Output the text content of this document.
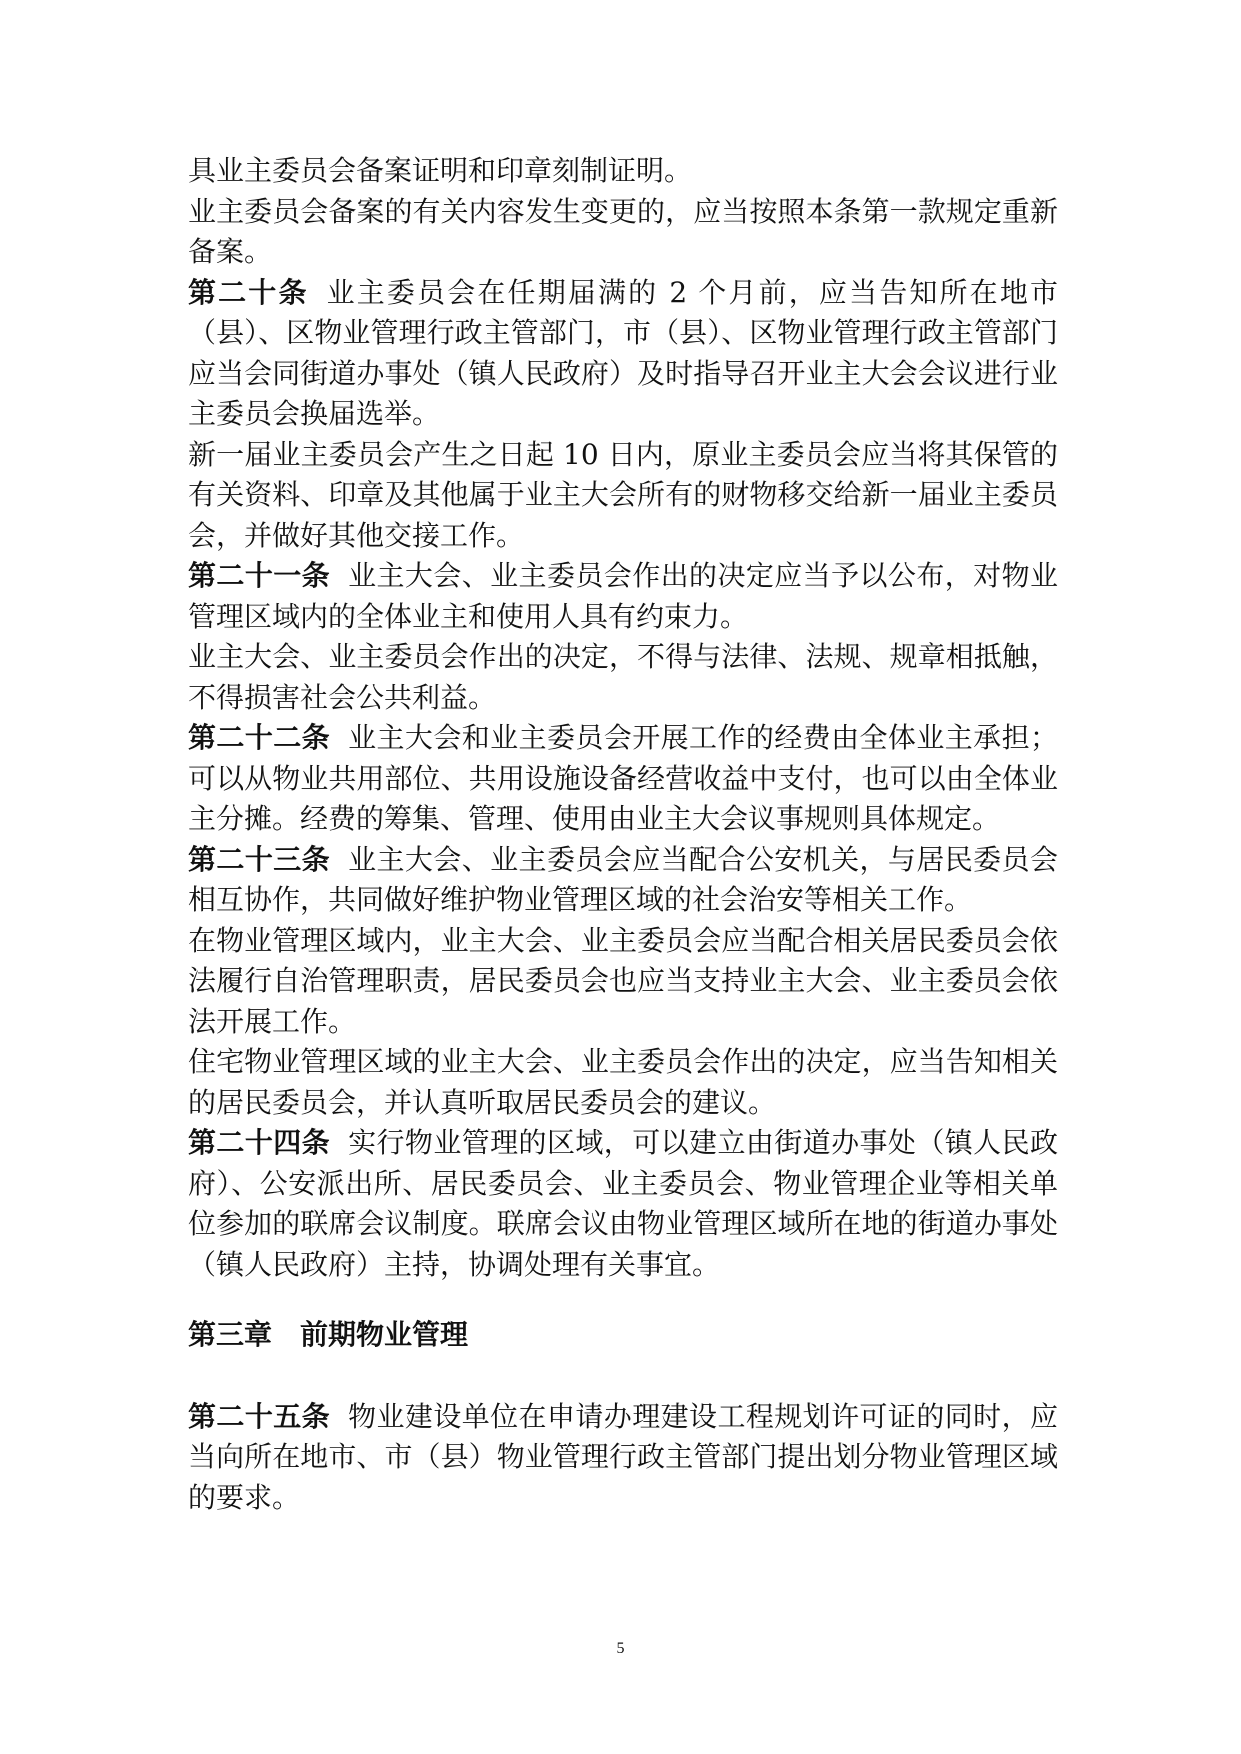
具业主委员会备案证明和印章刻制证明。

业主委员会备案的有关内容发生变更的，应当按照本条第一款规定重新备案。

第二十条 业主委员会在任期届满的 2 个月前，应当告知所在地市（县）、区物业管理行政主管部门，市（县）、区物业管理行政主管部门应当会同街道办事处（镇人民政府）及时指导召开业主大会会议进行业主委员会换届选举。

新一届业主委员会产生之日起 10 日内，原业主委员会应当将其保管的有关资料、印章及其他属于业主大会所有的财物移交给新一届业主委员会，并做好其他交接工作。

第二十一条 业主大会、业主委员会作出的决定应当予以公布，对物业管理区域内的全体业主和使用人具有约束力。

业主大会、业主委员会作出的决定，不得与法律、法规、规章相抵触，不得损害社会公共利益。

第二十二条 业主大会和业主委员会开展工作的经费由全体业主承担；可以从物业共用部位、共用设施设备经营收益中支付，也可以由全体业主分摊。经费的筹集、管理、使用由业主大会议事规则具体规定。

第二十三条 业主大会、业主委员会应当配合公安机关，与居民委员会相互协作，共同做好维护物业管理区域的社会治安等相关工作。

在物业管理区域内，业主大会、业主委员会应当配合相关居民委员会依法履行自治管理职责，居民委员会也应当支持业主大会、业主委员会依法开展工作。

住宅物业管理区域的业主大会、业主委员会作出的决定，应当告知相关的居民委员会，并认真听取居民委员会的建议。

第二十四条 实行物业管理的区域，可以建立由街道办事处（镇人民政府）、公安派出所、居民委员会、业主委员会、物业管理企业等相关单位参加的联席会议制度。联席会议由物业管理区域所在地的街道办事处（镇人民政府）主持，协调处理有关事宜。

第三章  前期物业管理

第二十五条 物业建设单位在申请办理建设工程规划许可证的同时，应当向所在地市、市（县）物业管理行政主管部门提出划分物业管理区域的要求。

5
